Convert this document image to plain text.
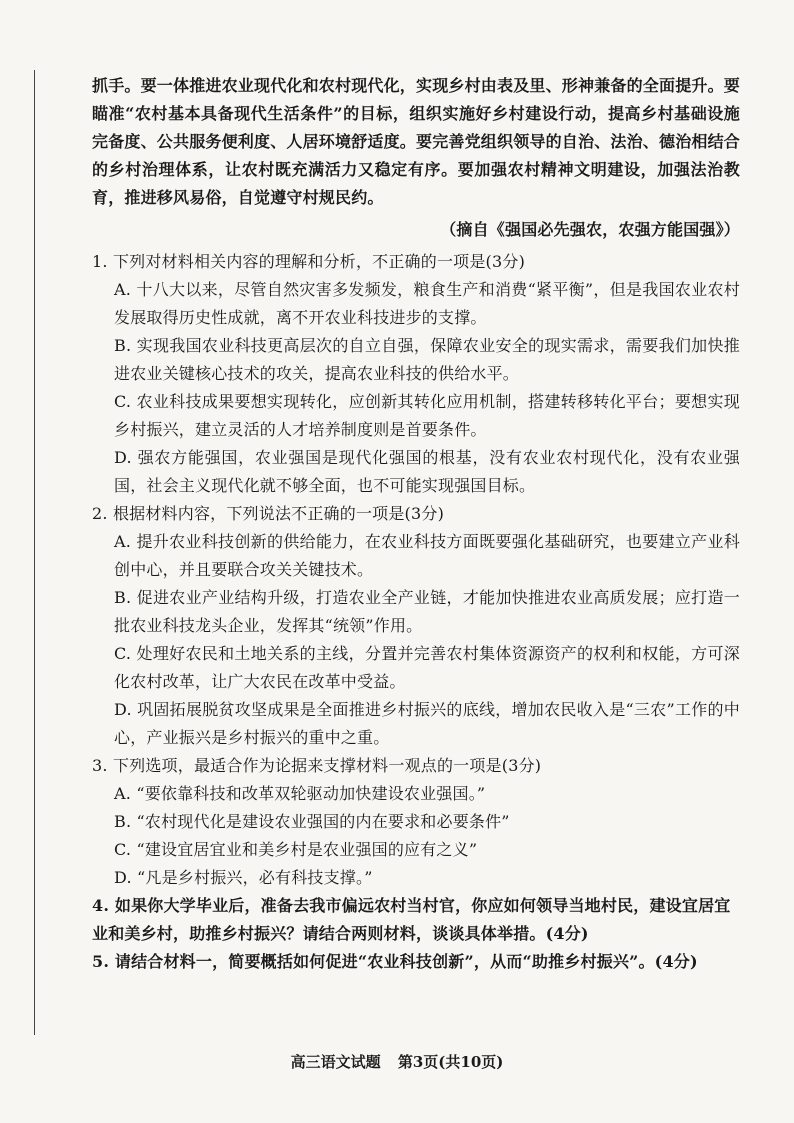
抓手。要一体推进农业现代化和农村现代化，实现乡村由表及里、形神兼备的全面提升。要瞄准“农村基本具备现代生活条件”的目标，组织实施好乡村建设行动，提高乡村基础设施完备度、公共服务便利度、人居环境舒适度。要完善党组织领导的自治、法治、德治相结合的乡村治理体系，让农村既充满活力又稳定有序。要加强农村精神文明建设，加强法治教育，推进移风易俗，自觉遵守村规民约。

（摘自《强国必先强农，农强方能国强》）

1. 下列对材料相关内容的理解和分析，不正确的一项是(3分)

A. 十八大以来，尽管自然灾害多发频发，粮食生产和消费“紧平衡”，但是我国农业农村发展取得历史性成就，离不开农业科技进步的支撑。

B. 实现我国农业科技更高层次的自立自强，保障农业安全的现实需求，需要我们加快推进农业关键核心技术的攻关，提高农业科技的供给水平。

C. 农业科技成果要想实现转化，应创新其转化应用机制，搭建转移转化平台；要想实现乡村振兴，建立灵活的人才培养制度则是首要条件。

D. 强农方能强国，农业强国是现代化强国的根基，没有农业农村现代化，没有农业强国，社会主义现代化就不够全面，也不可能实现强国目标。

2. 根据材料内容，下列说法不正确的一项是(3分)

A. 提升农业科技创新的供给能力，在农业科技方面既要强化基础研究，也要建立产业科创中心，并且要联合攻关关键技术。

B. 促进农业产业结构升级，打造农业全产业链，才能加快推进农业高质发展；应打造一批农业科技龙头企业，发挥其“统领”作用。

C. 处理好农民和土地关系的主线，分置并完善农村集体资源资产的权利和权能，方可深化农村改革，让广大农民在改革中受益。

D. 巩固拓展脱贫攻坚成果是全面推进乡村振兴的底线，增加农民收入是“三农”工作的中心，产业振兴是乡村振兴的重中之重。

3. 下列选项，最适合作为论据来支撑材料一观点的一项是(3分)

A. “要依靠科技和改革双轮驱动加快建设农业强国。”

B. “农村现代化是建设农业强国的内在要求和必要条件”

C. “建设宜居宜业和美乡村是农业强国的应有之义”

D. “凡是乡村振兴，必有科技支撑。”

4. 如果你大学毕业后，准备去我市偏远农村当村官，你应如何领导当地村民，建设宜居宜业和美乡村，助推乡村振兴？请结合两则材料，谈谈具体举措。(4分)

5. 请结合材料一，简要概括如何促进“农业科技创新”，从而“助推乡村振兴”。(4分)

高三语文试题 第3页(共10页)
